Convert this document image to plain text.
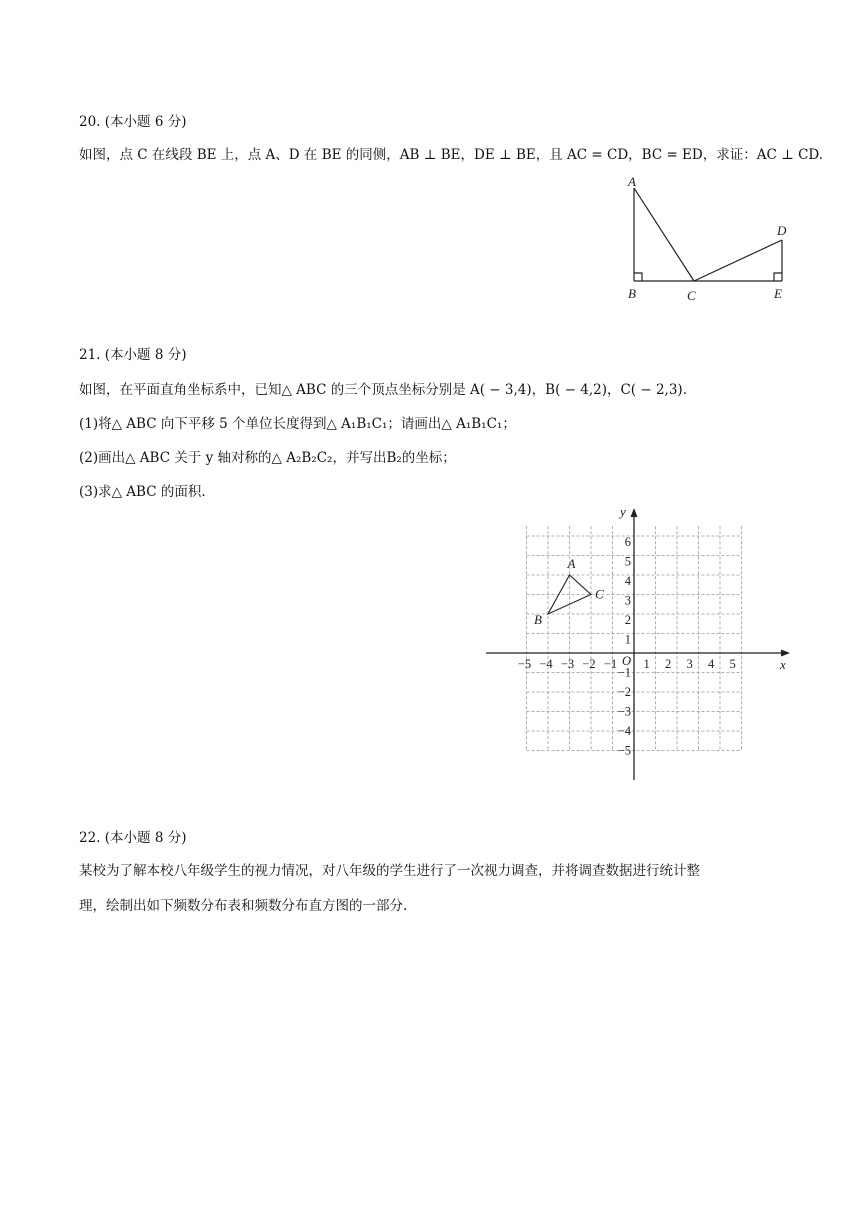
20. (本小题 6 分)
如图，点 C 在线段 BE 上，点 A、D 在 BE 的同侧，AB ⊥ BE，DE ⊥ BE，且 AC = CD，BC = ED，求证：AC ⊥ CD.
A
B	C
D
E
21. (本小题 8 分)
如图，在平面直角坐标系中，已知△ ABC 的三个顶点坐标分别是 A( − 3,4)，B( − 4,2)，C( − 2,3).
(1)将△ ABC 向下平移 5 个单位长度得到△ A₁B₁C₁；请画出△ A₁B₁C₁；
(2)画出△ ABC 关于 y 轴对称的△ A₂B₂C₂，并写出B₂的坐标；
(3)求△ ABC 的面积.
x
y
O
−5 −4 −3 −2 −1 1 2 3 4 5
6
5
4
3
2
1
−1
−2
−3
−4
−5
A
B
C
22. (本小题 8 分)
某校为了解本校八年级学生的视力情况，对八年级的学生进行了一次视力调查，并将调查数据进行统计整
理，绘制出如下频数分布表和频数分布直方图的一部分.
